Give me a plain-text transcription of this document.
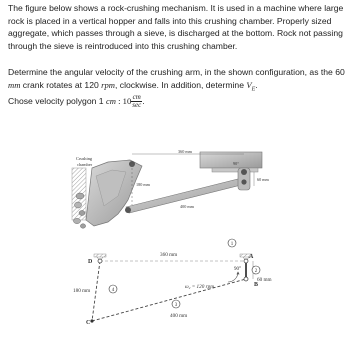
The figure below shows a rock-crushing mechanism. It is used in a machine where large rock is placed in a vertical hopper and falls into this crushing chamber. Properly sized aggregate, which passes through a sieve, is discharged at the bottom. Rock not passing through the sieve is reintroduced into this crushing chamber.

Determine the angular velocity of the crushing arm, in the shown configuration, as the 60 mm crank rotates at 120 rpm, clockwise. In addition, determine $V_E$.

Chose velocity polygon 1 cm : $10 \frac{cm}{\sec}$ .

Crushing
chamber
360 mm
180 mm
400 mm
90°
60 mm
1
2
3
4
D
A
B
C
360 mm
180 mm
400 mm
60 mm
90°
ω₂ = 120 rpm
